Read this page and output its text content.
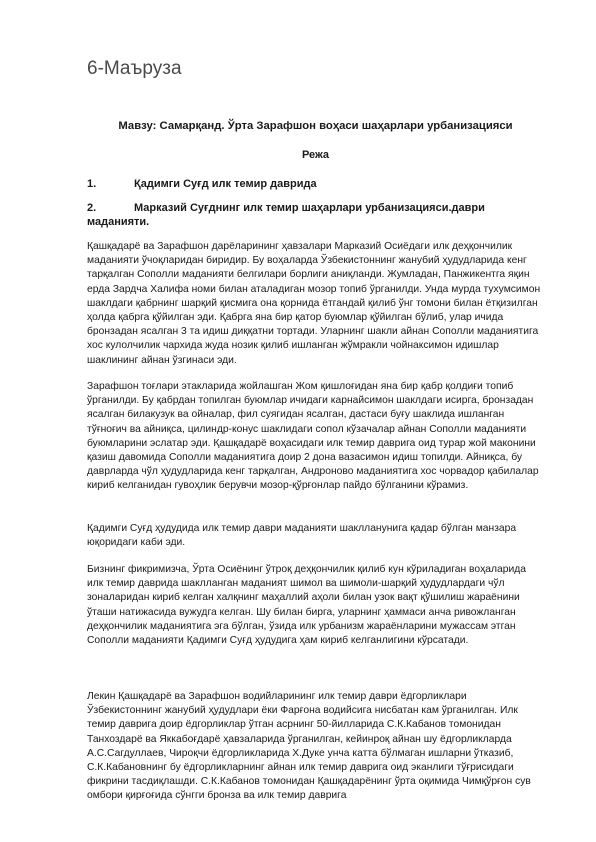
6-Маъруза

Мавзу: Самарқанд. Ўрта Зарафшон воҳаси шаҳарлари урбанизацияси

Режа

1.	Қадимги Суғд илк темир даврида

2.	Марказий Суғднинг илк темир шаҳарлари урбанизацияси.даври маданияти.

Қашқадарё ва Зарафшон дарёларининг ҳавзалари Марказий Осиёдаги илк деҳқончилик маданияти ўчоқларидан биридир. Бу воҳаларда Ўзбекистоннинг жанубий ҳудудларида кенг тарқалган Сополли маданияти белгилари борлиги аниқланди. Жумладан, Панжикентга яқин ерда Зардча Халифа номи билан аталадиган мозор топиб ўрганилди. Унда мурда тухумсимон шаклдаги қабрнинг шарқий қисмига она қорнида ётгандай қилиб ўнг томони билан ётқизилган ҳолда қабрга қўйилган эди. Қабрга яна бир қатор буюмлар қўйилган бўлиб, улар ичида бронзадан ясалган 3 та идиш диққатни тортади. Уларнинг шакли айнан Сополли маданиятига хос кулолчилик чархида жуда нозик қилиб ишланган жўмракли чойнаксимон идишлар шаклининг айнан ўзгинаси эди.

Зарафшон тоғлари этакларида жойлашган Жом қишлоғидан яна бир қабр қолдиғи топиб ўрганилди. Бу қабрдан топилган буюмлар ичидаги карнайсимон шаклдаги исирга, бронзадан ясалган билакузук ва ойналар, фил суягидан ясалган, дастаси буғу шаклида ишланган тўғноғич ва айниқса, цилиндр-конус шаклидаги сопол кўзачалар айнан Сополли маданияти буюмларини эслатар эди. Қашқадарё воҳасидаги илк темир даврига оид турар жой маконини қазиш давомида Сополли маданиятига доир 2 дона вазасимон идиш топилди. Айниқса, бу даврларда чўл ҳудудларида кенг тарқалган, Андроново маданиятига хос чорвадор қабилалар кириб келганидан гувоҳлик берувчи мозор-қўрғонлар пайдо бўлганини кўрамиз.

Қадимги Суғд ҳудудида илк темир даври маданияти шаклланунига қадар бўлган манзара юқоридаги каби эди.

Бизнинг фикримизча, Ўрта Осиёнинг ўтроқ деҳқончилик қилиб кун кўриладиган воҳаларида илк темир даврида шаклланган маданият шимол ва шимоли-шарқий ҳудудлардаги чўл зоналаридан кириб келган халқнинг маҳаллий аҳоли билан узок вақт қўшилиш жараёнини ўташи натижасида вужудга келган. Шу билан бирга, уларнинг ҳаммаси анча ривожланган деҳқончилик маданиятига эга бўлган, ўзида илк урбанизм жараёнларини мужассам этган Сополли маданияти Қадимги Суғд ҳудудига ҳам кириб келганлигини кўрсатади.

Лекин Қашқадарё ва Зарафшон водийларининг илк темир даври ёдгорликлари Ўзбекистоннинг жанубий ҳудудлари ёки Фарғона водийсига нисбатан кам ўрганилган. Илк темир даврига доир ёдгорликлар ўтган асрнинг 50-йилларида С.К.Кабанов томонидан Танхоздарё ва Яккабоғдарё ҳавзаларида ўрганилган, кейинроқ айнан шу ёдгорликларда А.С.Сагдуллаев, Чироқчи ёдгорликларида Х.Дуке унча катта бўлмаган ишларни ўтказиб, С.К.Кабановнинг бу ёдгорликларнинг айнан илк темир даврига оид эканлиги тўғрисидаги фикрини тасдиқлашди. С.К.Кабанов томонидан Қашқадарёнинг ўрта оқимида Чимқўрғон сув омбори қирғоғида сўнгги бронза ва илк темир даврига
